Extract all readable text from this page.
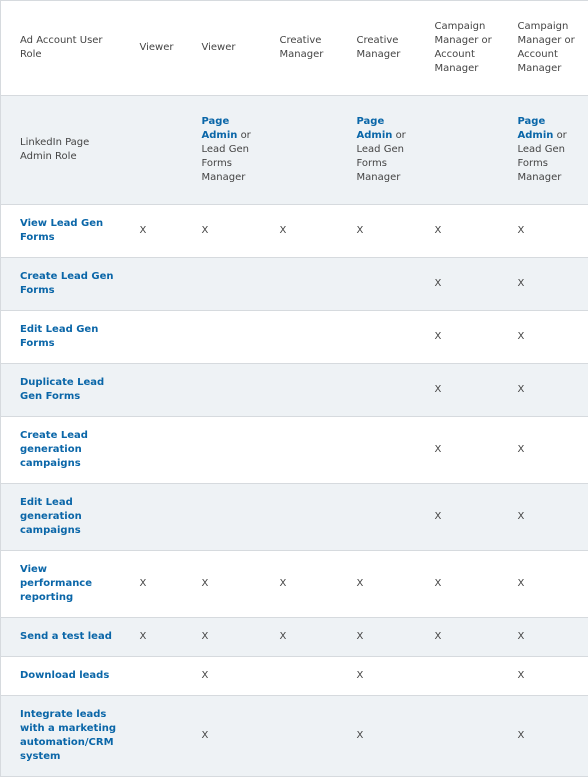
Ad Account User Role	Viewer	Viewer	Creative Manager	Creative Manager	Campaign Manager or Account Manager	Campaign Manager or Account Manager
LinkedIn Page Admin Role		Page Admin or Lead Gen Forms Manager		Page Admin or Lead Gen Forms Manager		Page Admin or Lead Gen Forms Manager
View Lead Gen Forms	X	X	X	X	X	X
Create Lead Gen Forms					X	X
Edit Lead Gen Forms					X	X
Duplicate Lead Gen Forms					X	X
Create Lead generation campaigns					X	X
Edit Lead generation campaigns					X	X
View performance reporting	X	X	X	X	X	X
Send a test lead	X	X	X	X	X	X
Download leads		X		X		X
Integrate leads with a marketing automation/CRM system		X		X		X
